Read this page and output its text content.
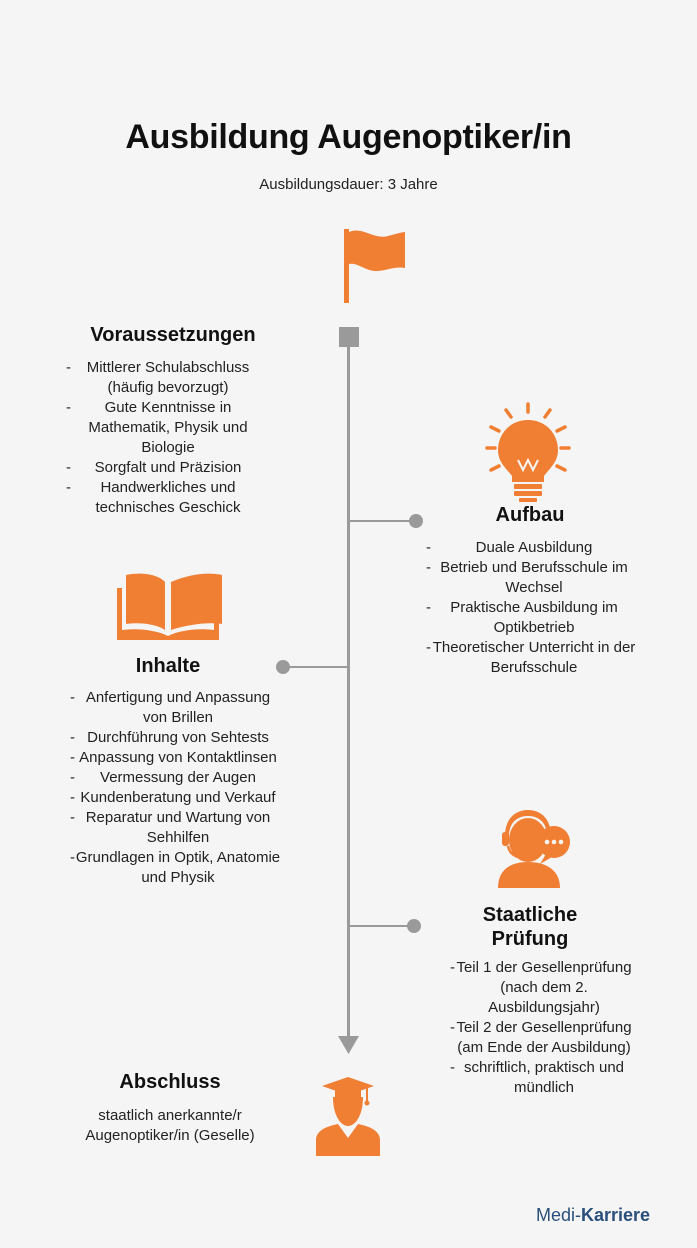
Ausbildung Augenoptiker/in
Ausbildungsdauer: 3 Jahre
Voraussetzungen
- Mittlerer Schulabschluss (häufig bevorzugt)
- Gute Kenntnisse in Mathematik, Physik und Biologie
- Sorgfalt und Präzision
- Handwerkliches und technisches Geschick	Aufbau
- Duale Ausbildung
- Betrieb und Berufsschule im Wechsel
- Praktische Ausbildung im Optikbetrieb
- Theoretischer Unterricht in der Berufsschule
Inhalte
- Anfertigung und Anpassung von Brillen
- Durchführung von Sehtests
- Anpassung von Kontaktlinsen
- Vermessung der Augen
- Kundenberatung und Verkauf
- Reparatur und Wartung von Sehhilfen
- Grundlagen in Optik, Anatomie und Physik
Staatliche
Prüfung
- Teil 1 der Gesellenprüfung (nach dem 2. Ausbildungsjahr)
- Teil 2 der Gesellenprüfung (am Ende der Ausbildung)
- schriftlich, praktisch und mündlich
Abschluss
staatlich anerkannte/r Augenoptiker/in (Geselle)
Medi-Karriere
